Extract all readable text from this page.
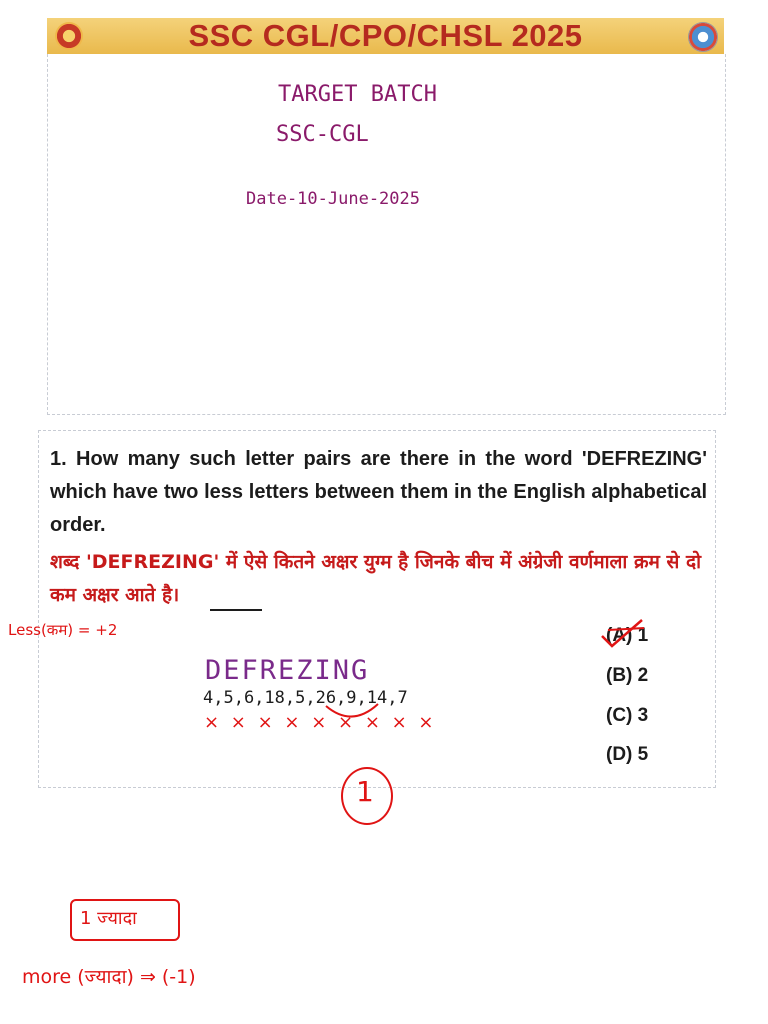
SSC CGL/CPO/CHSL 2025
TARGET BATCH
SSC-CGL
Date-10-June-2025
1. How many such letter pairs are there in the word 'DEFREZING' which have two less letters between them in the English alphabetical order.
शब्द 'DEFREZING' में ऐसे कितने अक्षर युग्म है जिनके बीच में अंग्रेजी वर्णमाला क्रम से दो कम अक्षर आते है।
(A) 1
(B) 2
(C) 3
(D) 5
Less(कम) = +2
DEFREZING
4,5,6,18,5,26,9,14,7
× × × × × × × × ×
1
1 ज्यादा
more (ज्यादा) ⇒ (-1)
